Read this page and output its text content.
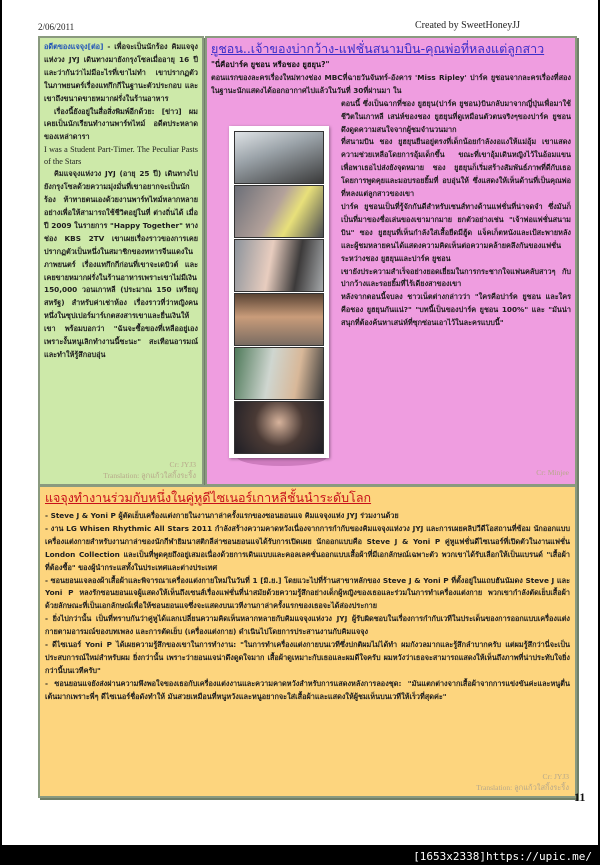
2/06/2011	Created by SweetHoneyJJ

อดีตของแจจุง[ต่อ] - เพื่อจะเป็นนักร้อง คิมแจจุงแห่งวง JYJ เดินทางมายังกรุงโซลเมื่ออายุ 16 ปีและว่ากันว่าไม่มีอะไรที่เขาไม่ทำ เขาปรากฏตัวในภาพยนตร์เรื่องแทกึกกีในฐานะตัวประกอบ และเขาถึงขนาดขายหมากฝรั่งในร้านอาหาร

เรื่องนี้ยังอยู่ในสื่อสิ่งพิมพ์อีกด้วย: [ข่าว] ผมเคยเป็นนักเรียนทำงานพาร์ทไทม์ อดีตประหลาดของเหล่าดารา

I was a Student Part-Timer. The Peculiar Pasts of the Stars

คิมแจจุงแห่งวง JYJ (อายุ 25 ปี) เดินทางไปยังกรุงโซลด้วยความมุ่งมั่นที่เขาอยากจะเป็นนักร้อง ท้าทายตนเองด้วยงานพาร์ทไทม์หลากหลายอย่างเพื่อให้สามารถใช้ชีวิตอยู่ในที่ ต่างถิ่นได้ เมื่อปี 2009 ในรายการ "Happy Together" ทางช่อง KBS 2TV เขาเผยเรื่องราวของการเคยปรากฏตัวเป็นหนึ่งในสมาชิกของทหารจีนแดงในภาพยนตร์ เรื่องแทกึกกีก่อนที่เขาจะเดบิวต์ และเคยขายหมากฝรั่งในร้านอาหารเพราะเขาไม่มีเงิน 150,000 วอนเกาหลี (ประมาณ 150 เหรียญสหรัฐ) สำหรับค่าเช่าห้อง เรื่องราวที่ว่าหญิงคนหนึ่งในซุปเปอร์มาร์เกตสงสารเขาและยื่นเงินให้เขา พร้อมบอกว่า "ฉันจะซื้อของที่เหลืออยู่เอง เพราะงั้นหนูเลิกทำงานนี้ซะนะ" สะเทือนอารมณ์และทำให้รู้สึกอบอุ่น

Cr: JYJ3
Translation: ลูกแก้วใสกิ้งระริ้ง
ยูชอน..เจ้าของบ่ากว้าง-แฟชั่นสนามบิน-คุณพ่อที่หลงแต่ลูกสาว

"นี่คือปาร์ค ยูชอน หรือชอง ยูฮยุน?"

ตอนแรกของละครเรื่องใหม่ทางช่อง MBCที่ฉายวันจันทร์-อังคาร 'Miss Ripley' ปาร์ค ยูชอนจากละครเรื่องที่สองในฐานะนักแสดงได้ออกอากาศไปแล้วในวันที่ 30ที่ผ่านมา ใน

ตอนนี้ ซึ่งเป็นฉากที่ชอง ยูฮยุน(ปาร์ค ยูชอน)บินกลับมาจากญี่ปุ่นเพื่อมาใช้ชีวิตในเกาหลี เสน่ห์ของชอง ยูฮยุนที่ดูเหมือนตัวตนจริงๆของปาร์ค ยูชอนดึงดูดความสนใจจากผู้ชมจำนวนมาก

ที่สนามบิน ชอง ยูฮยุนยืนอยู่ตรงที่เด็กน้อยกำลังงอแงให้แม่อุ้ม เขาแสดงความช่วยเหลือโดยการอุ้มเด็กขึ้น ขณะที่เขาอุ้มเดินหญิงไว้ในอ้อมแขนเพื่อพาเธอไปส่งยังจุดหมาย ชอง ยูฮยุนก็เริ่มสร้างสัมพันธ์ภาพที่ดีกับเธอโดยการพูดคุยและมอบรอยยิ้มที่ อบอุ่นให้ ซึ่งแสดงให้เห็นด้านที่เป็นคุณพ่อที่หลงแต่ลูกสาวของเขา

ปาร์ค ยูชอนเป็นที่รู้จักกันดีสำหรับเซนส์ทางด้านแฟชั่นที่น่าจดจำ ซึ่งมันก็เป็นที่มาของชื่อเล่นของเขามากมาย ยกตัวอย่างเช่น "เจ้าพ่อแฟชั่นสนามบิน" ซอง ยูฮยุนที่เห็นกำลังใส่เสื้อยืดมีฮู้ด แจ็คเก็ตหนังและเป้สะพายหลัง และผู้ชมหลายคนได้แสดงความคิดเห็นต่อความคล้ายคลึงกันของแฟชั่นระหว่างชอง ยูฮยุนและปาร์ค ยูชอน

เขายังประความสำเร็จอย่างยอดเยี่ยมในการกระชากใจแฟนคลับสาวๆ กับบ่ากว้างและรอยยิ้มที่ไร้เดียงสาของเขา

หลังจากตอนนี้จบลง ชาวเน็ตต่างกล่าวว่า "ใครคือปาร์ค ยูชอน และใครคือชอง ยูฮยุนกันแน่?" "บทนี้เป็นของปาร์ค ยูชอน 100%" และ "มันน่าสนุกที่ต้องค้นหาเสน่ห์ที่ซุกซ่อนเอาไว้ในละครแบบนี้"

Cr: Minjee
แจจุงทำงานร่วมกับหนึ่งในคู่หูดีไซเนอร์เกาหลีชั้นนำระดับโลก

- Steve J & Yoni P ผู้ตัดเย็บเครื่องแต่งกายในงานกาล่าครั้งแรกของซอนยอนแจ คิมแจจุงแห่ง JYJ ร่วมงานด้วย

- งาน LG Whisen Rhythmic All Stars 2011 กำลังสร้างความคาดหวังเนื่องจากการกำกับของคิมแจจุงแห่งวง JYJ และการเผยคลิปวีดีโอสถานที่ซ้อม นักออกแบบเครื่องแต่งกายสำหรับงานกาล่าของนักกีฬายิมนาสติกลีล่าซอนยอนแจได้รับการเปิดเผย นักออกแบบคือ Steve J & Yoni P คู่หูแฟชั่นดีไซเนอร์ที่เปิดตัวในงานแฟชั่น London Collection และเป็นที่พูดคุยถึงอยู่เสมอเนื่องด้วยการเดินแบบและคอลเลคชั่นออกแบบเสื้อผ้าที่มีเอกลักษณ์เฉพาะตัว พวกเขาได้รับเลือกให้เป็นแบรนด์ "เสื้อผ้าที่ต้องซื้อ" ของผู้นำกระแสทั้งในประเทศและต่างประเทศ

- ซอนยอนแจลองผ้าเสื้อผ้าและพิจารณาเครื่องแต่งกายใหม่ในวันที่ 1 [มิ.ย.] โดยแวะไปที่ร้านสาขาหลักของ Steve J & Yoni P ที่ตั้งอยู่ในแถบฮันนัมดง Steve J และ Yoni P หลงรักซอนยอนแจผู้แสดงให้เห็นถึงเซนส์เรื่องแฟชั่นที่น่าสมัยด้วยความรู้สึกอย่างเด็กผู้หญิงของเธอและร่วมในการทำเครื่องแต่งกาย พวกเขากำลังตัดเย็บเสื้อผ้าด้วยลักษณะที่เป็นเอกลักษณ์เพื่อให้ซอนยอนแจซึ่งจะแสดงบนเวทีงานกาล่าครั้งแรกของเธอจะได้ส่องประกาย

- ยิ่งไปกว่านั้น เป็นที่ทราบกันว่าคู่หูได้แลกเปลี่ยนความคิดเห็นหลากหลายกับคิมแจจุงแห่งวง JYJ ผู้รับผิดชอบในเรื่องการกำกับเวทีในประเด็นของการออกแบบเครื่องแต่งกายตามอารมณ์ของบทเพลง และการตัดเย็บ (เครื่องแต่งกาย) ดำเนินไปโดยการประสานงานกับคิมแจจุง

- ดีไซเนอร์ Yoni P ได้เผยความรู้สึกของเขาในการทำงาน: "ในการทำเครื่องแต่งกายบนเวทีซึ่งปกติผมไม่ได้ทำ ผมกังวลมากและรู้สึกลำบากครับ แต่ผมรู้สึกว่านี่จะเป็นประสบการณ์ใหม่สำหรับผม ยิ่งกว่านั้น เพราะว่ายอนแจน่าดึงดูดใจมาก เสื้อผ้าดูเหมาะกับเธอและผมดีใจครับ ผมหวังว่าเธอจะสามารถแสดงให้เห็นถึงภาพที่น่าประทับใจยิ่งกว่านี้บนเวทีครับ"

- ซอนยอนแจยังส่งผ่านความพึงพอใจของเธอกับเครื่องแต่งงานและความคาดหวังสำหรับการแสดงหลังการลองชุด: "มันแตกต่างจากเสื้อผ้าจากการแข่งขันค่ะและหนูตื่นเต้นมากเพราะพี่ๆ ดีไซเนอร์ชื่อดังทำให้ มันสวยเหมือนที่หนูหวังและหนูอยากจะใส่เสื้อผ้าและแสดงให้ผู้ชมเห็นบนเวทีให้เร็วที่สุดค่ะ"

Cr: JYJ3
Translation: ลูกแก้วใสกิ้งระริ้ง
11
[1653x2338]https://upic.me/
